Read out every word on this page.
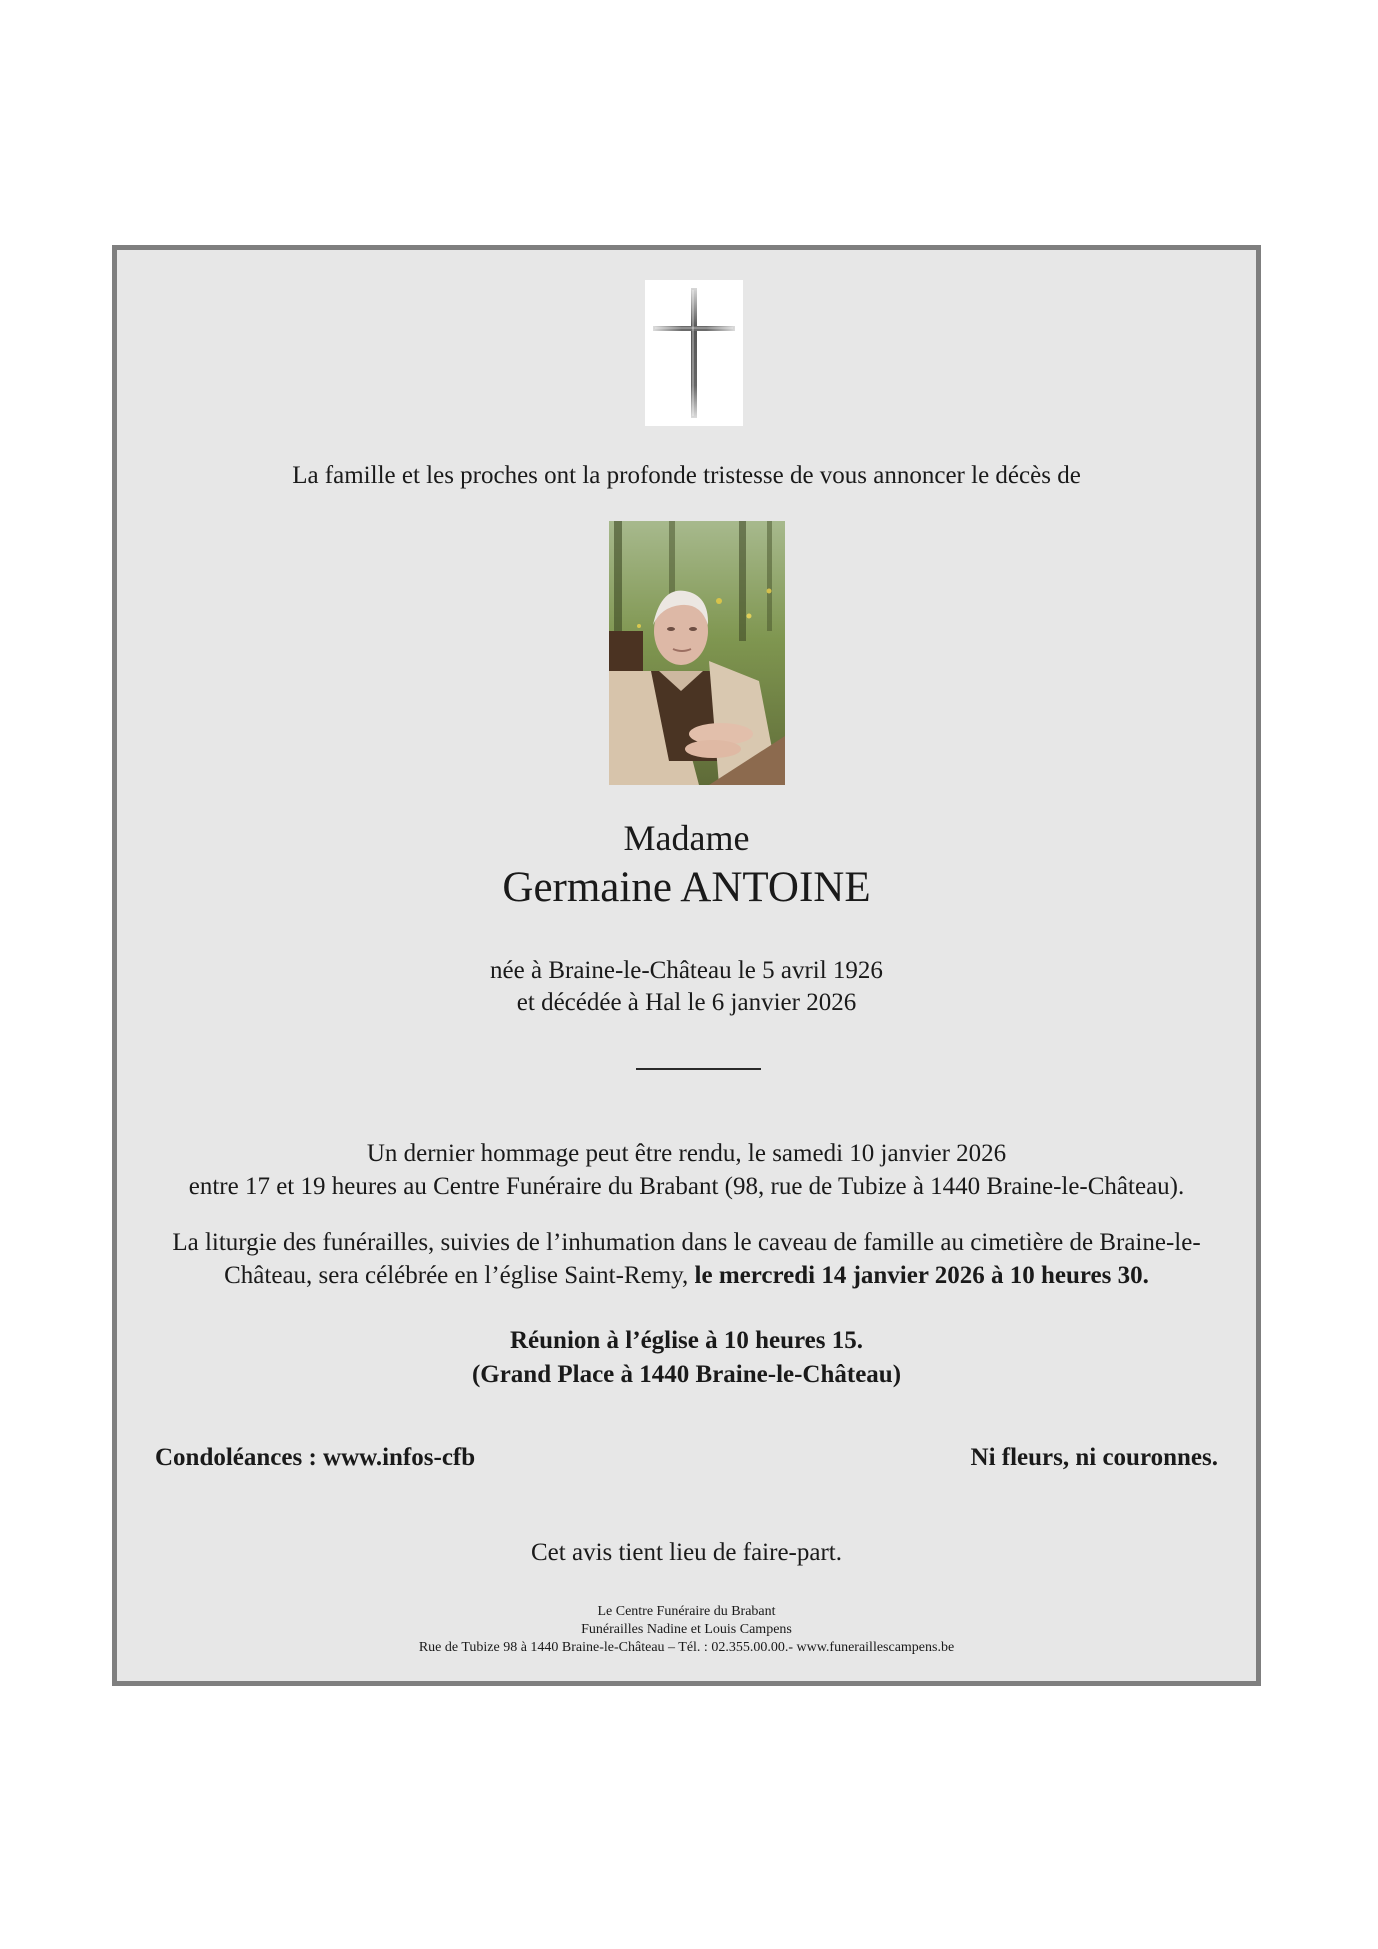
La famille et les proches ont la profonde tristesse de vous annoncer le décès de
Madame
Germaine ANTOINE
née à Braine-le-Château le 5 avril 1926
et décédée à Hal le 6 janvier 2026
Un dernier hommage peut être rendu, le samedi 10 janvier 2026
entre 17 et 19 heures au Centre Funéraire du Brabant (98, rue de Tubize à 1440 Braine-le-Château).
La liturgie des funérailles, suivies de l’inhumation dans le caveau de famille au cimetière de Braine-le-
Château, sera célébrée en l’église Saint-Remy, le mercredi 14 janvier 2026 à 10 heures 30.
Réunion à l’église à 10 heures 15.
(Grand Place à 1440 Braine-le-Château)
Condoléances : www.infos-cfb	Ni fleurs, ni couronnes.
Cet avis tient lieu de faire-part.
Le Centre Funéraire du Brabant
Funérailles Nadine et Louis Campens
Rue de Tubize 98 à 1440 Braine-le-Château – Tél. : 02.355.00.00.- www.funeraillescampens.be
